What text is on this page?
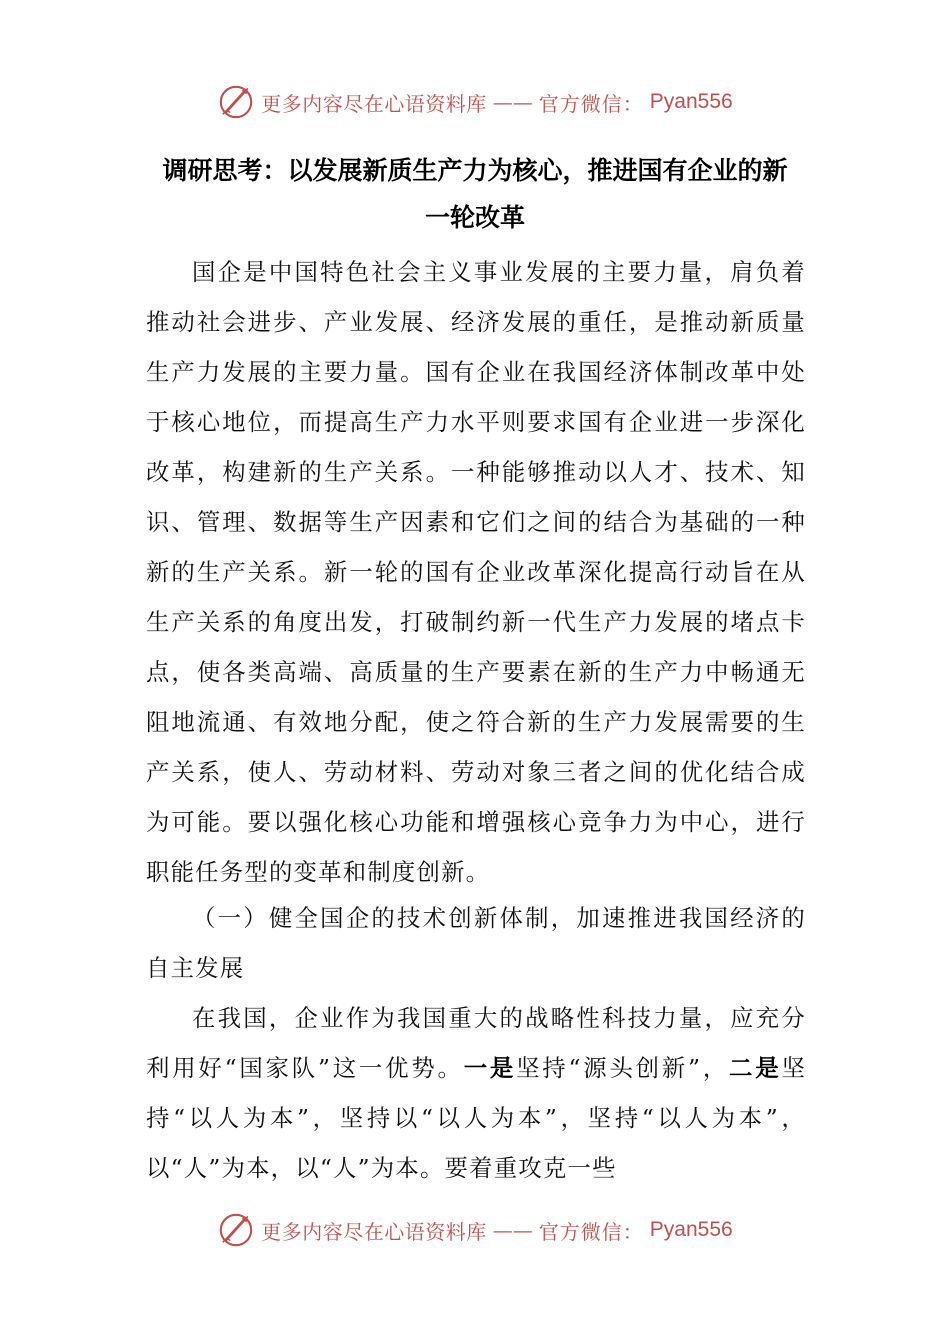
更多内容尽在心语资料库 —— 官方微信： Pyan556
调研思考：以发展新质生产力为核心，推进国有企业的新
一轮改革

国企是中国特色社会主义事业发展的主要力量，肩负着推动社会进步、产业发展、经济发展的重任，是推动新质量生产力发展的主要力量。国有企业在我国经济体制改革中处于核心地位，而提高生产力水平则要求国有企业进一步深化改革，构建新的生产关系。一种能够推动以人才、技术、知识、管理、数据等生产因素和它们之间的结合为基础的一种新的生产关系。新一轮的国有企业改革深化提高行动旨在从生产关系的角度出发，打破制约新一代生产力发展的堵点卡点，使各类高端、高质量的生产要素在新的生产力中畅通无阻地流通、有效地分配，使之符合新的生产力发展需要的生产关系，使人、劳动材料、劳动对象三者之间的优化结合成为可能。要以强化核心功能和增强核心竞争力为中心，进行职能任务型的变革和制度创新。

（一）健全国企的技术创新体制，加速推进我国经济的自主发展

在我国，企业作为我国重大的战略性科技力量，应充分利用好“国家队”这一优势。一是坚持“源头创新”，二是坚持“以人为本”，坚持以“以人为本”，坚持“以人为本”，以“人”为本，以“人”为本。要着重攻克一些

更多内容尽在心语资料库 —— 官方微信： Pyan556
